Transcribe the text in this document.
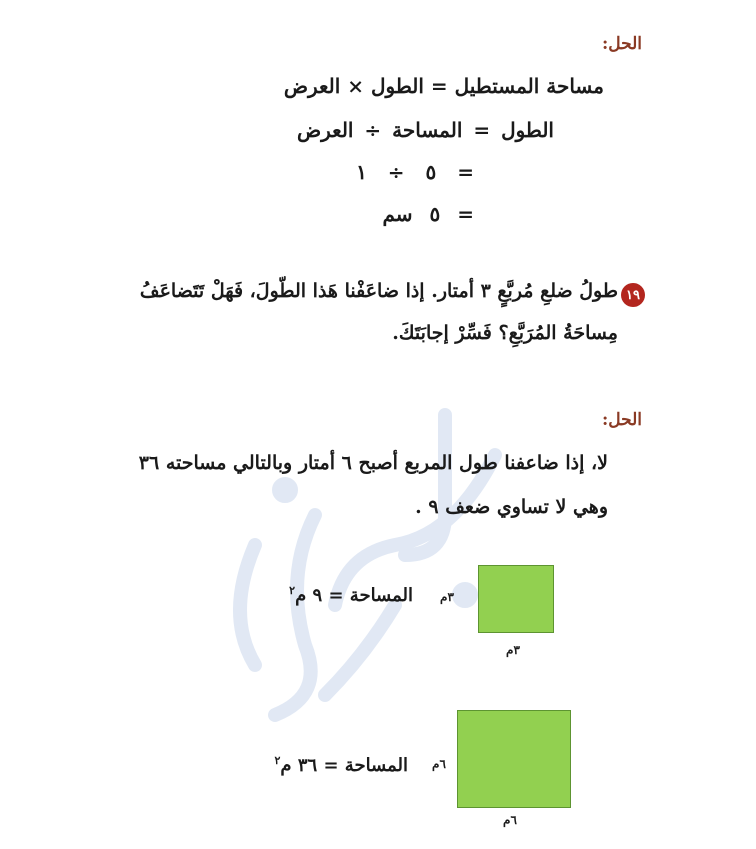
الحل:
مساحة المستطيل = الطول × العرض
الطول = المساحة ÷ العرض
= ٥ ÷ ١
= ٥ سم
١٩
طولُ ضلعِ مُربَّعٍ ٣ أمتار. إذا ضاعَفْنا هَذا الطّولَ، فَهَلْ تَتَضاعَفُ
مِساحَةُ المُرَبَّعِ؟ فَسِّرْ إجابَتَكَ.
الحل:
لا، إذا ضاعفنا طول المربع أصبح ٦ أمتار وبالتالي مساحته ٣٦
وهي لا تساوي ضعف ٩ .
٣م
٣م
المساحة = ٩ م$^٢$
٦م
٦م
المساحة = ٣٦ م$^٢$
